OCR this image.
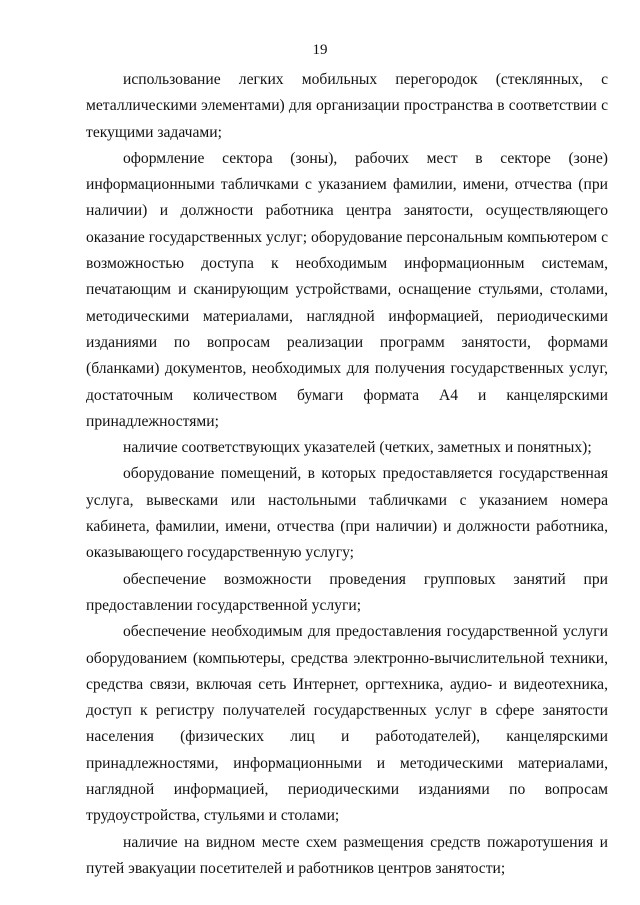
19

использование легких мобильных перегородок (стеклянных, с металлическими элементами) для организации пространства в соответствии с текущими задачами;

оформление сектора (зоны), рабочих мест в секторе (зоне) информационными табличками с указанием фамилии, имени, отчества (при наличии) и должности работника центра занятости, осуществляющего оказание государственных услуг; оборудование персональным компьютером с возможностью доступа к необходимым информационным системам, печатающим и сканирующим устройствами, оснащение стульями, столами, методическими материалами, наглядной информацией, периодическими изданиями по вопросам реализации программ занятости, формами (бланками) документов, необходимых для получения государственных услуг, достаточным количеством бумаги формата А4 и канцелярскими принадлежностями;

наличие соответствующих указателей (четких, заметных и понятных);

оборудование помещений, в которых предоставляется государственная услуга, вывесками или настольными табличками с указанием номера кабинета, фамилии, имени, отчества (при наличии) и должности работника, оказывающего государственную услугу;

обеспечение возможности проведения групповых занятий при предоставлении государственной услуги;

обеспечение необходимым для предоставления государственной услуги оборудованием (компьютеры, средства электронно-вычислительной техники, средства связи, включая сеть Интернет, оргтехника, аудио- и видеотехника, доступ к регистру получателей государственных услуг в сфере занятости населения (физических лиц и работодателей), канцелярскими принадлежностями, информационными и методическими материалами, наглядной информацией, периодическими изданиями по вопросам трудоустройства, стульями и столами;

наличие на видном месте схем размещения средств пожаротушения и путей эвакуации посетителей и работников центров занятости;
